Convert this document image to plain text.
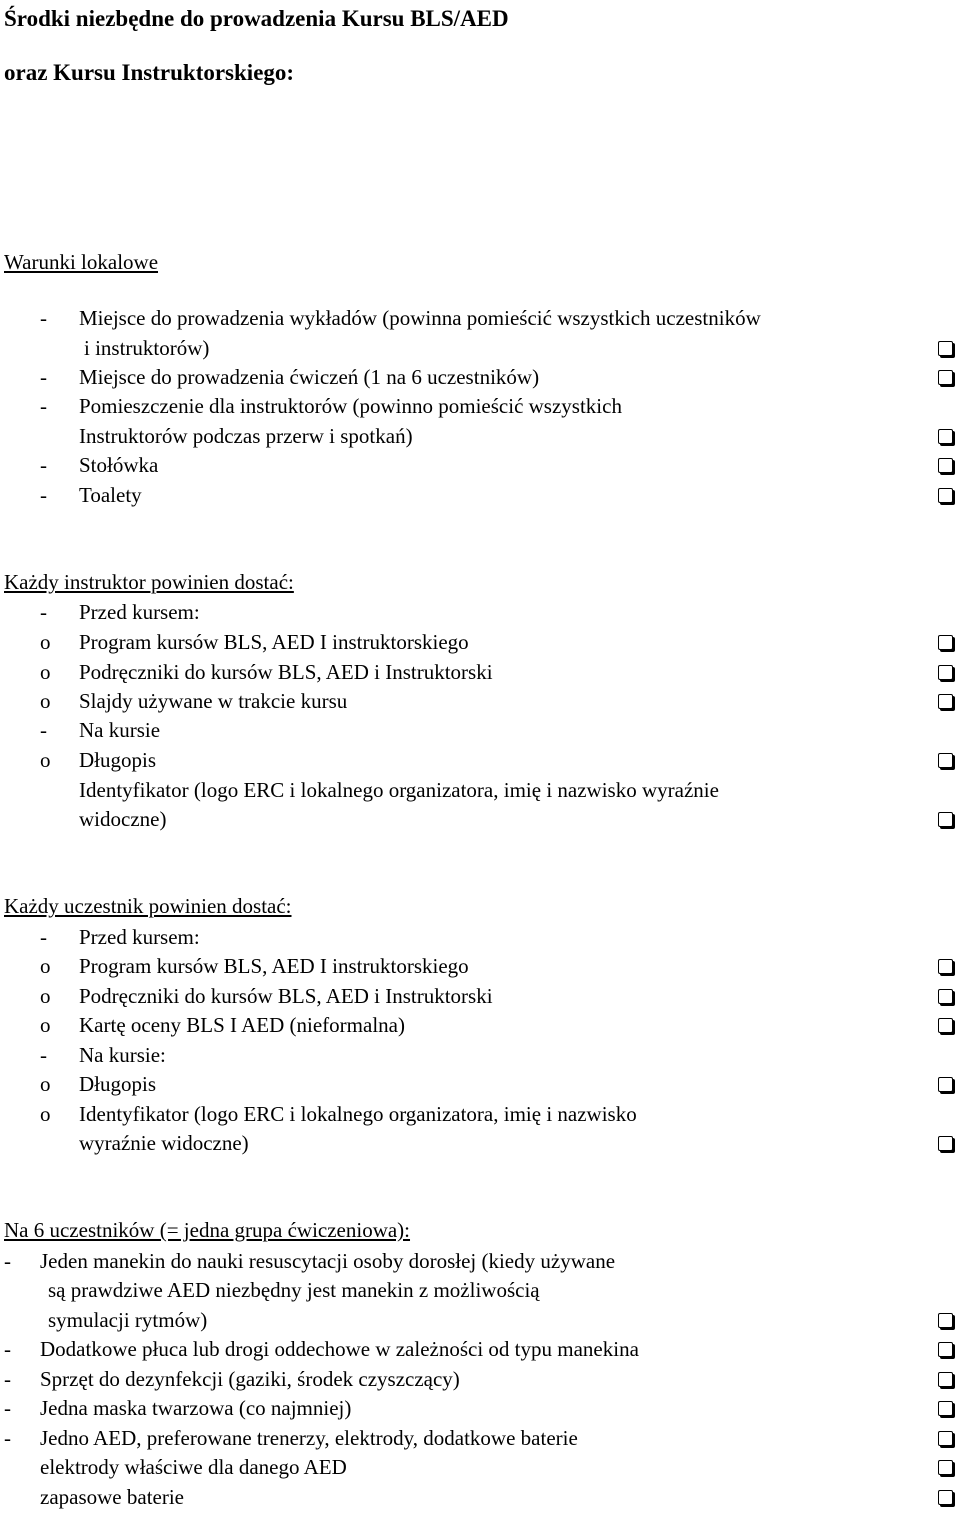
Środki niezbędne do prowadzenia Kursu BLS/AED
oraz Kursu Instruktorskiego:
Warunki lokalowe
- Miejsce do prowadzenia wykładów (powinna pomieścić wszystkich uczestników
i instruktorów)
- Miejsce do prowadzenia ćwiczeń (1 na 6 uczestników)
- Pomieszczenie dla instruktorów (powinno pomieścić wszystkich
Instruktorów podczas przerw i spotkań)
- Stołówka
- Toalety
Każdy instruktor powinien dostać:
- Przed kursem:
o Program kursów BLS, AED I instruktorskiego
o Podręczniki do kursów BLS, AED i Instruktorski
o Slajdy używane w trakcie kursu
- Na kursie
o Długopis
Identyfikator (logo ERC i lokalnego organizatora, imię i nazwisko wyraźnie
widoczne)
Każdy uczestnik powinien dostać:
- Przed kursem:
o Program kursów BLS, AED I instruktorskiego
o Podręczniki do kursów BLS, AED i Instruktorski
o Kartę oceny BLS I AED (nieformalna)
- Na kursie:
o Długopis
o Identyfikator (logo ERC i lokalnego organizatora, imię i nazwisko
wyraźnie widoczne)
Na 6 uczestników (= jedna grupa ćwiczeniowa):
- Jeden manekin do nauki resuscytacji osoby dorosłej (kiedy używane
są prawdziwe AED niezbędny jest manekin z możliwością
symulacji rytmów)
- Dodatkowe płuca lub drogi oddechowe w zależności od typu manekina
- Sprzęt do dezynfekcji (gaziki, środek czyszczący)
- Jedna maska twarzowa (co najmniej)
- Jedno AED, preferowane trenerzy, elektrody, dodatkowe baterie
elektrody właściwe dla danego AED
zapasowe baterie
